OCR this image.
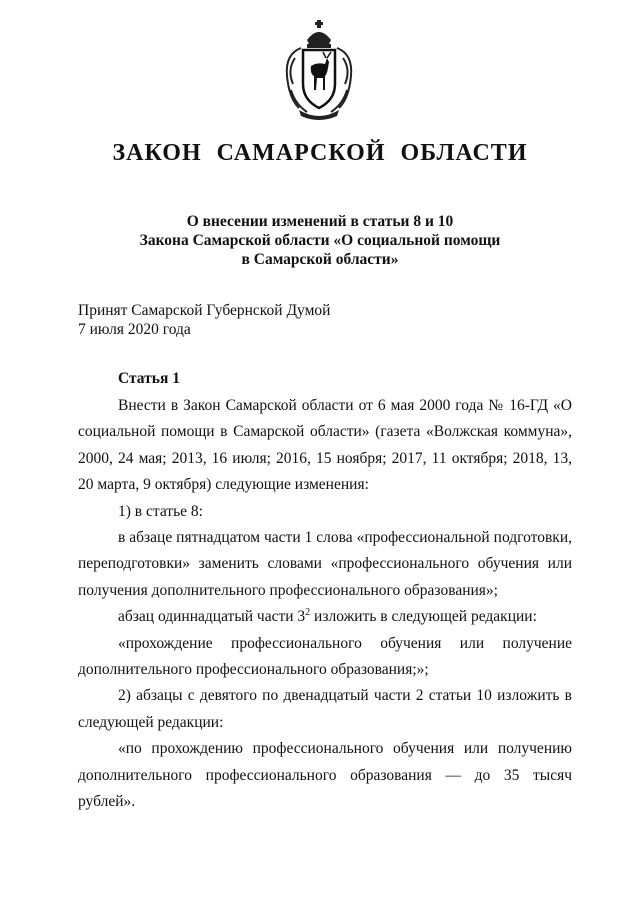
ЗАКОН САМАРСКОЙ ОБЛАСТИ
О внесении изменений в статьи 8 и 10
Закона Самарской области «О социальной помощи
в Самарской области»
Принят Самарской Губернской Думой
7 июля 2020 года
Статья 1

Внести в Закон Самарской области от 6 мая 2000 года № 16-ГД «О социальной помощи в Самарской области» (газета «Волжская коммуна», 2000, 24 мая; 2013, 16 июля; 2016, 15 ноября; 2017, 11 октября; 2018, 13, 20 марта, 9 октября) следующие изменения:

1) в статье 8:

в абзаце пятнадцатом части 1 слова «профессиональной подготовки, переподготовки» заменить словами «профессионального обучения или получения дополнительного профессионального образования»;

абзац одиннадцатый части $3^2$ изложить в следующей редакции:

«прохождение профессионального обучения или получение дополнительного профессионального образования;»;

2) абзацы с девятого по двенадцатый части 2 статьи 10 изложить в следующей редакции:

«по прохождению профессионального обучения или получению дополнительного профессионального образования — до 35 тысяч рублей».
